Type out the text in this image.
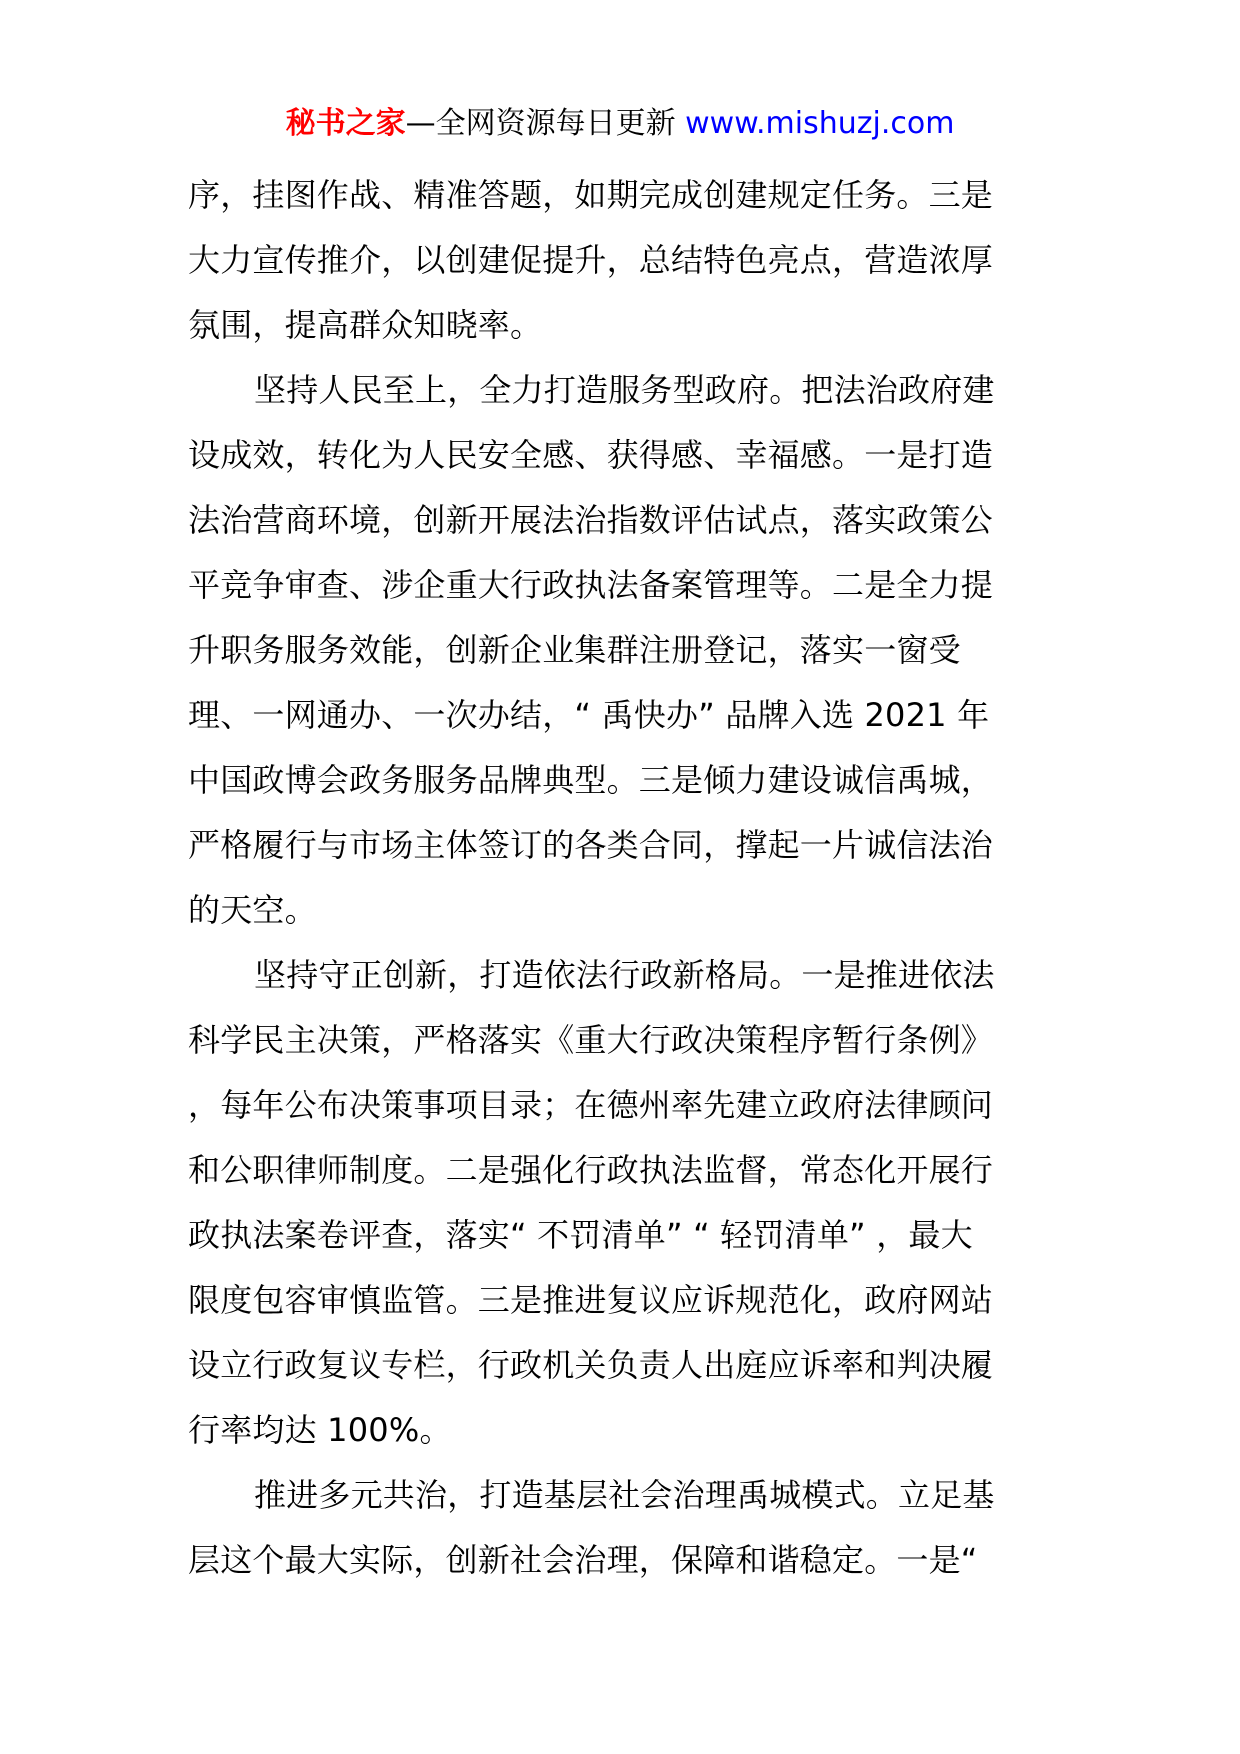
秘书之家—全网资源每日更新 www.mishuzj.com
序，挂图作战、精准答题，如期完成创建规定任务。三是
大力宣传推介，以创建促提升，总结特色亮点，营造浓厚
氛围，提高群众知晓率。
坚持人民至上，全力打造服务型政府。把法治政府建
设成效，转化为人民安全感、获得感、幸福感。一是打造
法治营商环境，创新开展法治指数评估试点，落实政策公
平竞争审查、涉企重大行政执法备案管理等。二是全力提
升职务服务效能，创新企业集群注册登记，落实一窗受
理、一网通办、一次办结，“ 禹快办” 品牌入选 2021 年
中国政博会政务服务品牌典型。三是倾力建设诚信禹城，
严格履行与市场主体签订的各类合同，撑起一片诚信法治
的天空。
坚持守正创新，打造依法行政新格局。一是推进依法
科学民主决策，严格落实《重大行政决策程序暂行条例》
，每年公布决策事项目录；在德州率先建立政府法律顾问
和公职律师制度。二是强化行政执法监督，常态化开展行
政执法案卷评查，落实“ 不罚清单” “ 轻罚清单” ，最大
限度包容审慎监管。三是推进复议应诉规范化，政府网站
设立行政复议专栏，行政机关负责人出庭应诉率和判决履
行率均达 100%。
推进多元共治，打造基层社会治理禹城模式。立足基
层这个最大实际，创新社会治理，保障和谐稳定。一是“
